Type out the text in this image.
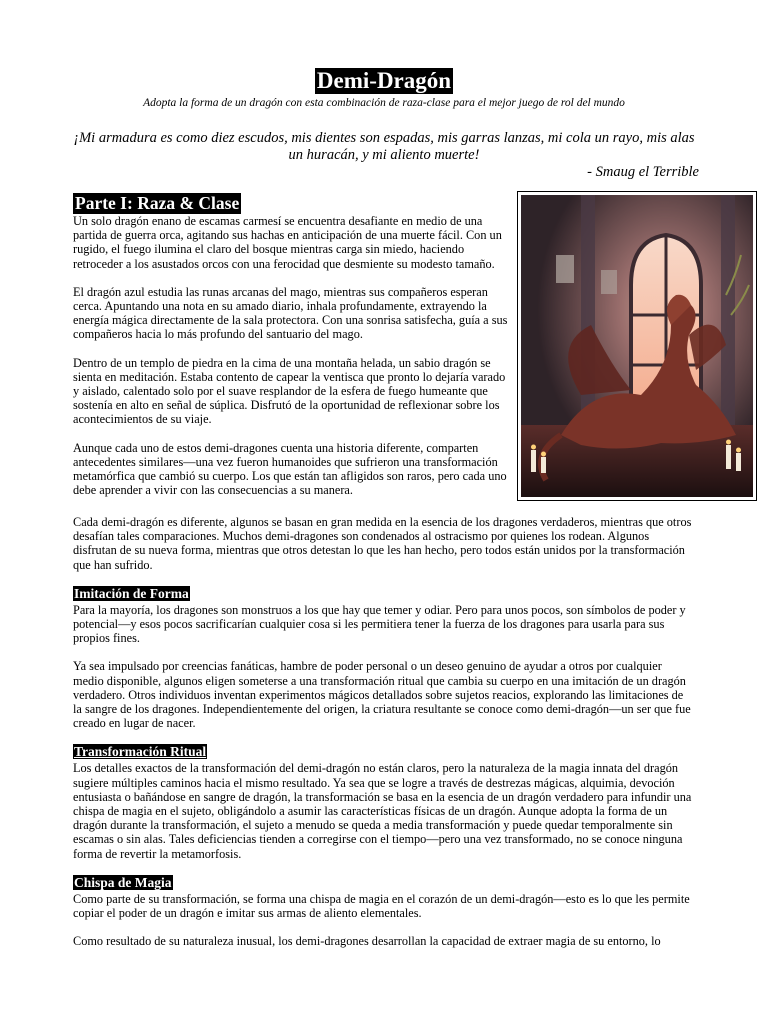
Demi-Dragón
Adopta la forma de un dragón con esta combinación de raza-clase para el mejor juego de rol del mundo
¡Mi armadura es como diez escudos, mis dientes son espadas, mis garras lanzas, mi cola un rayo, mis alas un huracán, y mi aliento muerte!
- Smaug el Terrible
Parte I: Raza & Clase

Un solo dragón enano de escamas carmesí se encuentra desafiante en medio de una partida de guerra orca, agitando sus hachas en anticipación de una muerte fácil. Con un rugido, el fuego ilumina el claro del bosque mientras carga sin miedo, haciendo retroceder a los asustados orcos con una ferocidad que desmiente su modesto tamaño.

El dragón azul estudia las runas arcanas del mago, mientras sus compañeros esperan cerca. Apuntando una nota en su amado diario, inhala profundamente, extrayendo la energía mágica directamente de la sala protectora. Con una sonrisa satisfecha, guía a sus compañeros hacia lo más profundo del santuario del mago.

Dentro de un templo de piedra en la cima de una montaña helada, un sabio dragón se sienta en meditación. Estaba contento de capear la ventisca que pronto lo dejaría varado y aislado, calentado solo por el suave resplandor de la esfera de fuego humeante que sostenía en alto en señal de súplica. Disfrutó de la oportunidad de reflexionar sobre los acontecimientos de su viaje.

Aunque cada uno de estos demi-dragones cuenta una historia diferente, comparten antecedentes similares—una vez fueron humanoides que sufrieron una transformación metamórfica que cambió su cuerpo. Los que están tan afligidos son raros, pero cada uno debe aprender a vivir con las consecuencias a su manera.

Cada demi-dragón es diferente, algunos se basan en gran medida en la esencia de los dragones verdaderos, mientras que otros desafían tales comparaciones. Muchos demi-dragones son condenados al ostracismo por quienes los rodean. Algunos disfrutan de su nueva forma, mientras que otros detestan lo que les han hecho, pero todos están unidos por la transformación que han sufrido.

Imitación de Forma

Para la mayoría, los dragones son monstruos a los que hay que temer y odiar. Pero para unos pocos, son símbolos de poder y potencial—y esos pocos sacrificarían cualquier cosa si les permitiera tener la fuerza de los dragones para usarla para sus propios fines.

Ya sea impulsado por creencias fanáticas, hambre de poder personal o un deseo genuino de ayudar a otros por cualquier medio disponible, algunos eligen someterse a una transformación ritual que cambia su cuerpo en una imitación de un dragón verdadero. Otros individuos inventan experimentos mágicos detallados sobre sujetos reacios, explorando las limitaciones de la sangre de los dragones. Independientemente del origen, la criatura resultante se conoce como demi-dragón—un ser que fue creado en lugar de nacer.

Transformación Ritual

Los detalles exactos de la transformación del demi-dragón no están claros, pero la naturaleza de la magia innata del dragón sugiere múltiples caminos hacia el mismo resultado. Ya sea que se logre a través de destrezas mágicas, alquimia, devoción entusiasta o bañándose en sangre de dragón, la transformación se basa en la esencia de un dragón verdadero para infundir una chispa de magia en el sujeto, obligándolo a asumir las características físicas de un dragón. Aunque adopta la forma de un dragón durante la transformación, el sujeto a menudo se queda a media transformación y puede quedar temporalmente sin escamas o sin alas. Tales deficiencias tienden a corregirse con el tiempo—pero una vez transformado, no se conoce ninguna forma de revertir la metamorfosis.

Chispa de Magia

Como parte de su transformación, se forma una chispa de magia en el corazón de un demi-dragón—esto es lo que les permite copiar el poder de un dragón e imitar sus armas de aliento elementales.

Como resultado de su naturaleza inusual, los demi-dragones desarrollan la capacidad de extraer magia de su entorno, lo
